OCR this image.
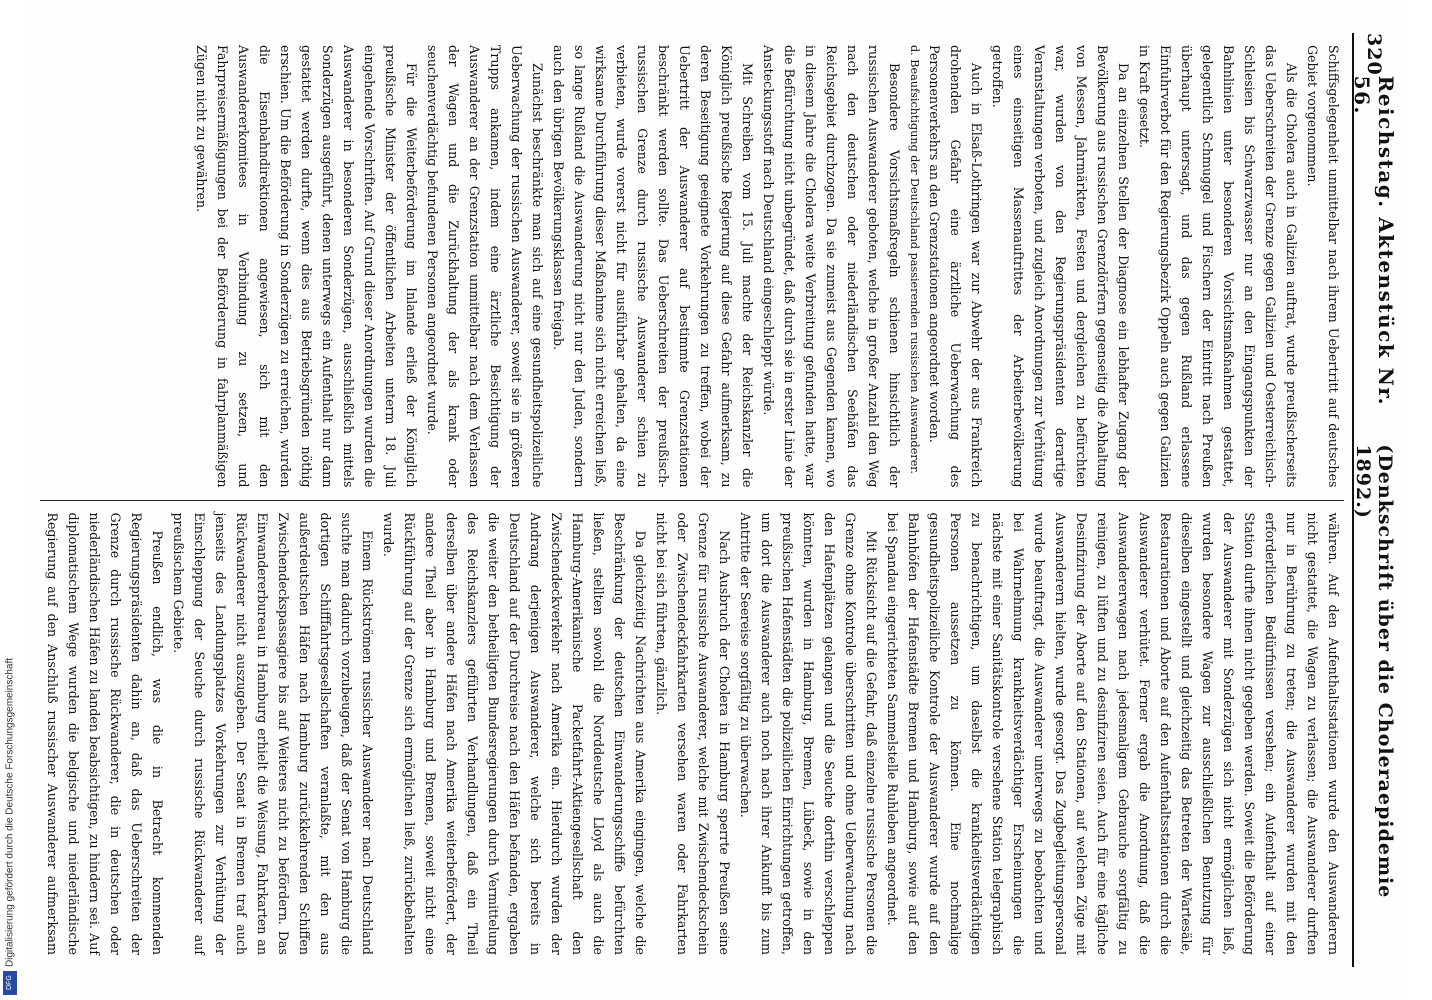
320
Reichstag. Aktenstück Nr. 56.
(Denkschrift über die Choleraepidemie 1892.)

Schiffsgelegenheit unmittelbar nach ihrem Uebertritt auf deutsches Gebiet vorgenommen.

Als die Cholera auch in Galizien auftrat, wurde preußischerseits das Ueberschreiten der Grenze gegen Galizien und Oesterreichisch-Schlesien bis Schwarzwasser nur an den Eingangspunkten der Bahnlinien unter besonderen Vorsichtsmaßnahmen gestattet, gelegentlich Schmuggel und Fischern der Eintritt nach Preußen überhaupt untersagt, und das gegen Rußland erlassene Einfuhrverbot für den Regierungsbezirk Oppeln auch gegen Galizien in Kraft gesetzt.

Da an einzelnen Stellen der Diagnose ein lebhafter Zugang der Bevölkerung aus russischen Grenzdörfern gegenseitig die Abhaltung von Messen, Jahrmärkten, Festen und dergleichen zu befürchten war, wurden von den Regierungspräsidenten derartige Veranstaltungen verboten, und zugleich Anordnungen zur Verhütung eines einseitigen Massenauftrittes der Arbeiterbevölkerung getroffen.

Auch in Elsaß-Lothringen war zur Abwehr der aus Frankreich drohenden Gefahr eine ärztliche Ueberwachung des Personenverkehrs an den Grenzstationen angeordnet worden.

d. Beaufsichtigung der Deutschland passierenden russischen Auswanderer.

Besondere Vorsichtsmaßregeln schienen hinsichtlich der russischen Auswanderer geboten, welche in großer Anzahl den Weg nach den deutschen oder niederländischen Seehäfen das Reichsgebiet durchzogen. Da sie zumeist aus Gegenden kamen, wo in diesem Jahre die Cholera weite Verbreitung gefunden hatte, war die Befürchtung nicht unbegründet, daß durch sie in erster Linie der Ansteckungsstoff nach Deutschland eingeschleppt würde.

Mit Schreiben vom 15. Juli machte der Reichskanzler die Königlich preußische Regierung auf diese Gefahr aufmerksam, zu deren Beseitigung geeignete Vorkehrungen zu treffen, wobei der Uebertritt der Auswanderer auf bestimmte Grenzstationen beschränkt werden sollte. Das Ueberschreiten der preußisch-russischen Grenze durch russische Auswanderer schien zu verbieten, wurde vorerst nicht für ausführbar gehalten, da eine wirksame Durchführung dieser Maßnahme sich nicht erreichen ließ, so lange Rußland die Auswanderung nicht nur den Juden, sondern auch den übrigen Bevölkerungsklassen freigab.

Zunächst beschränkte man sich auf eine gesundheitspolizeiliche Ueberwachung der russischen Auswanderer, soweit sie in größeren Trupps ankamen, indem eine ärztliche Besichtigung der Auswanderer an der Grenzstation unmittelbar nach dem Verlassen der Wagen und die Zurückhaltung der als krank oder seuchenverdächtig befundenen Personen angeordnet wurde.

Für die Weiterbeförderung im Inlande erließ der Königlich preußische Minister der öffentlichen Arbeiten unterm 18. Juli eingehende Vorschriften. Auf Grund dieser Anordnungen wurden die Auswanderer in besonderen Sonderzügen, ausschließlich mittels Sonderzügen ausgeführt, denen unterwegs ein Aufenthalt nur dann gestattet werden durfte, wenn dies aus Betriebsgründen nöthig erschien. Um die Beförderung in Sonderzügen zu erreichen, wurden die Eisenbahndirektionen angewiesen, sich mit den Auswandererkomitees in Verbindung zu setzen, und Fahrpreisermäßigungen bei der Beförderung in fahrplanmäßigen Zügen nicht zu gewähren.

währen. Auf den Aufenthaltsstationen wurde den Auswanderern nicht gestattet, die Wagen zu verlassen; die Auswanderer durften nur in Berührung zu treten; die Auswanderer wurden mit den erforderlichen Bedürfnissen versehen; ein Aufenthalt auf einer Station durfte ihnen nicht gegeben werden. Soweit die Beförderung der Auswanderer mit Sonderzügen sich nicht ermöglichen ließ, wurden besondere Wagen zur ausschließlichen Benutzung für dieselben eingestellt und gleichzeitig das Betreten der Wartesäle, Restaurationen und Aborte auf den Aufenthaltsstationen durch die Auswanderer verhütet. Ferner ergab die Anordnung, daß die Auswandererwagen nach jedesmaligem Gebrauche sorgfältig zu reinigen, zu lüften und zu desinfiziren seien. Auch für eine tägliche Desinfizirung der Aborte auf den Stationen, auf welchen Züge mit Auswanderern hielten, wurde gesorgt. Das Zugbegleitungspersonal wurde beauftragt, die Auswanderer unterwegs zu beobachten und bei Wahrnehmung krankheitsverdächtiger Erscheinungen die nächste mit einer Sanitätskontrole versehene Station telegraphisch zu benachrichtigen, um daselbst die krankheitsverdächtigen Personen aussetzen zu können. Eine nochmalige gesundheitspolizeiliche Kontrole der Auswanderer wurde auf den Bahnhöfen der Hafenstädte Bremen und Hamburg, sowie auf den bei Spandau eingerichteten Sammelstelle Ruhleben angeordnet.

Mit Rücksicht auf die Gefahr, daß einzelne russische Personen die Grenze ohne Kontrole überschritten und ohne Ueberwachung nach den Hafenplätzen gelangen und die Seuche dorthin verschleppen könnten, wurden in Hamburg, Bremen, Lübeck, sowie in den preußischen Hafenstädten die polizeilichen Einrichtungen getroffen, um dort die Auswanderer auch noch nach ihrer Ankunft bis zum Antritte der Seereise sorgfältig zu überwachen.

Nach Ausbruch der Cholera in Hamburg sperrte Preußen seine Grenze für russische Auswanderer, welche mit Zwischendeckschein oder Zwischendeckfahrkarten versehen waren oder Fahrkarten nicht bei sich führten, gänzlich.

Da gleichzeitig Nachrichten aus Amerika eingingen, welche die Beschränkung der deutschen Einwanderungsschiffe befürchten ließen, stellten sowohl die Norddeutsche Lloyd als auch die Hamburg-Amerikanische Packetfahrt-Aktiengesellschaft den Zwischendeckverkehr nach Amerika ein. Hierdurch wurden der Andrang derjenigen Auswanderer, welche sich bereits in Deutschland auf der Durchreise nach den Häfen befanden, ergaben die weiter den betheiligten Bundesregierungen durch Vermittelung des Reichskanzlers geführten Verhandlungen, daß ein Theil derselben über andere Häfen nach Amerika weiterbefördert, der andere Theil aber in Hamburg und Bremen, soweit nicht eine Rückführung auf der Grenze sich ermöglichen ließ, zurückbehalten wurde.

Einem Rückströmen russischer Auswanderer nach Deutschland suchte man dadurch vorzubeugen, daß der Senat von Hamburg die dortigen Schifffahrtsgesellschaften veranlaßte, mit den aus außerdeutschen Häfen nach Hamburg zurückkehrenden Schiffen Zwischendeckspassagiere bis auf Weiteres nicht zu befördern. Das Einwandererbureau in Hamburg erhielt die Weisung, Fahrkarten an Rückwanderer nicht auszugeben. Der Senat in Bremen traf auch jenseits des Landungsplatzes Vorkehrungen zur Verhütung der Einschleppung der Seuche durch russische Rückwanderer auf preußischem Gebiete.

Preußen endlich, was die in Betracht kommenden Regierungspräsidenten dahin an, daß das Ueberschreiten der Grenze durch russische Rückwanderer, die in deutschen oder niederländischen Häfen zu landen beabsichtigen, zu hindern sei. Auf diplomatischem Wege wurden die belgische und niederländische Regierung auf den Anschluß russischer Auswanderer aufmerksam

DFG
Digitalisierung gefördert durch die Deutsche Forschungsgemeinschaft
